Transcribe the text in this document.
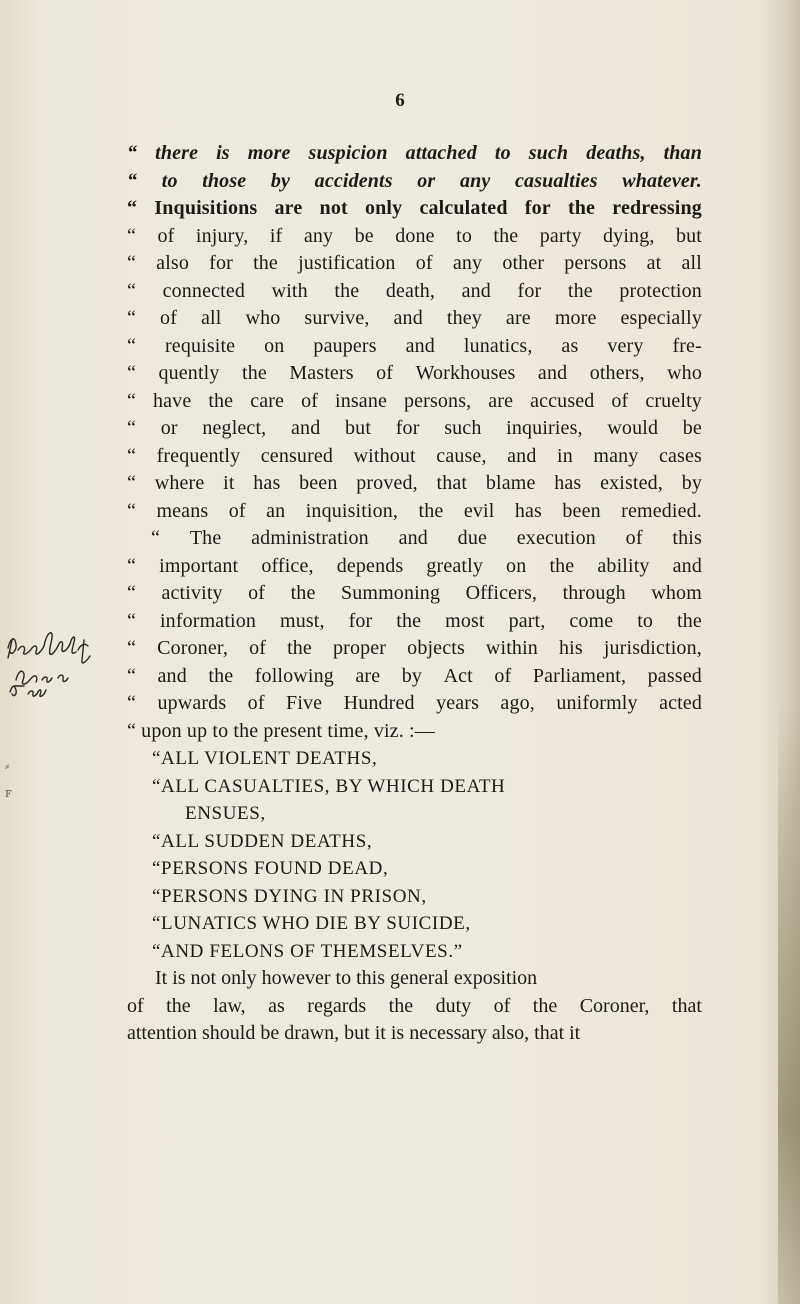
6
“ there is more suspicion attached to such deaths, than
“ to those by accidents or any casualties whatever.
“ Inquisitions are not only calculated for the redressing
“ of injury, if any be done to the party dying, but
“ also for the justification of any other persons at all
“ connected with the death, and for the protection
“ of all who survive, and they are more especially
“ requisite on paupers and lunatics, as very fre-
“ quently the Masters of Workhouses and others, who
“ have the care of insane persons, are accused of cruelty
“ or neglect, and but for such inquiries, would be
“ frequently censured without cause, and in many cases
“ where it has been proved, that blame has existed, by
“ means of an inquisition, the evil has been remedied.
“ The administration and due execution of this
“ important office, depends greatly on the ability and
“ activity of the Summoning Officers, through whom
“ information must, for the most part, come to the
“ Coroner, of the proper objects within his jurisdiction,
“ and the following are by Act of Parliament, passed
“ upwards of Five Hundred years ago, uniformly acted
“ upon up to the present time, viz. :—
“ALL VIOLENT DEATHS,
“ALL CASUALTIES, BY WHICH DEATH
ENSUES,
“ALL SUDDEN DEATHS,
“PERSONS FOUND DEAD,
“PERSONS DYING IN PRISON,
“LUNATICS WHO DIE BY SUICIDE,
“AND FELONS OF THEMSELVES.”
It is not only however to this general exposition
of the law, as regards the duty of the Coroner, that
attention should be drawn, but it is necessary also, that it
⸗
ꜰ
